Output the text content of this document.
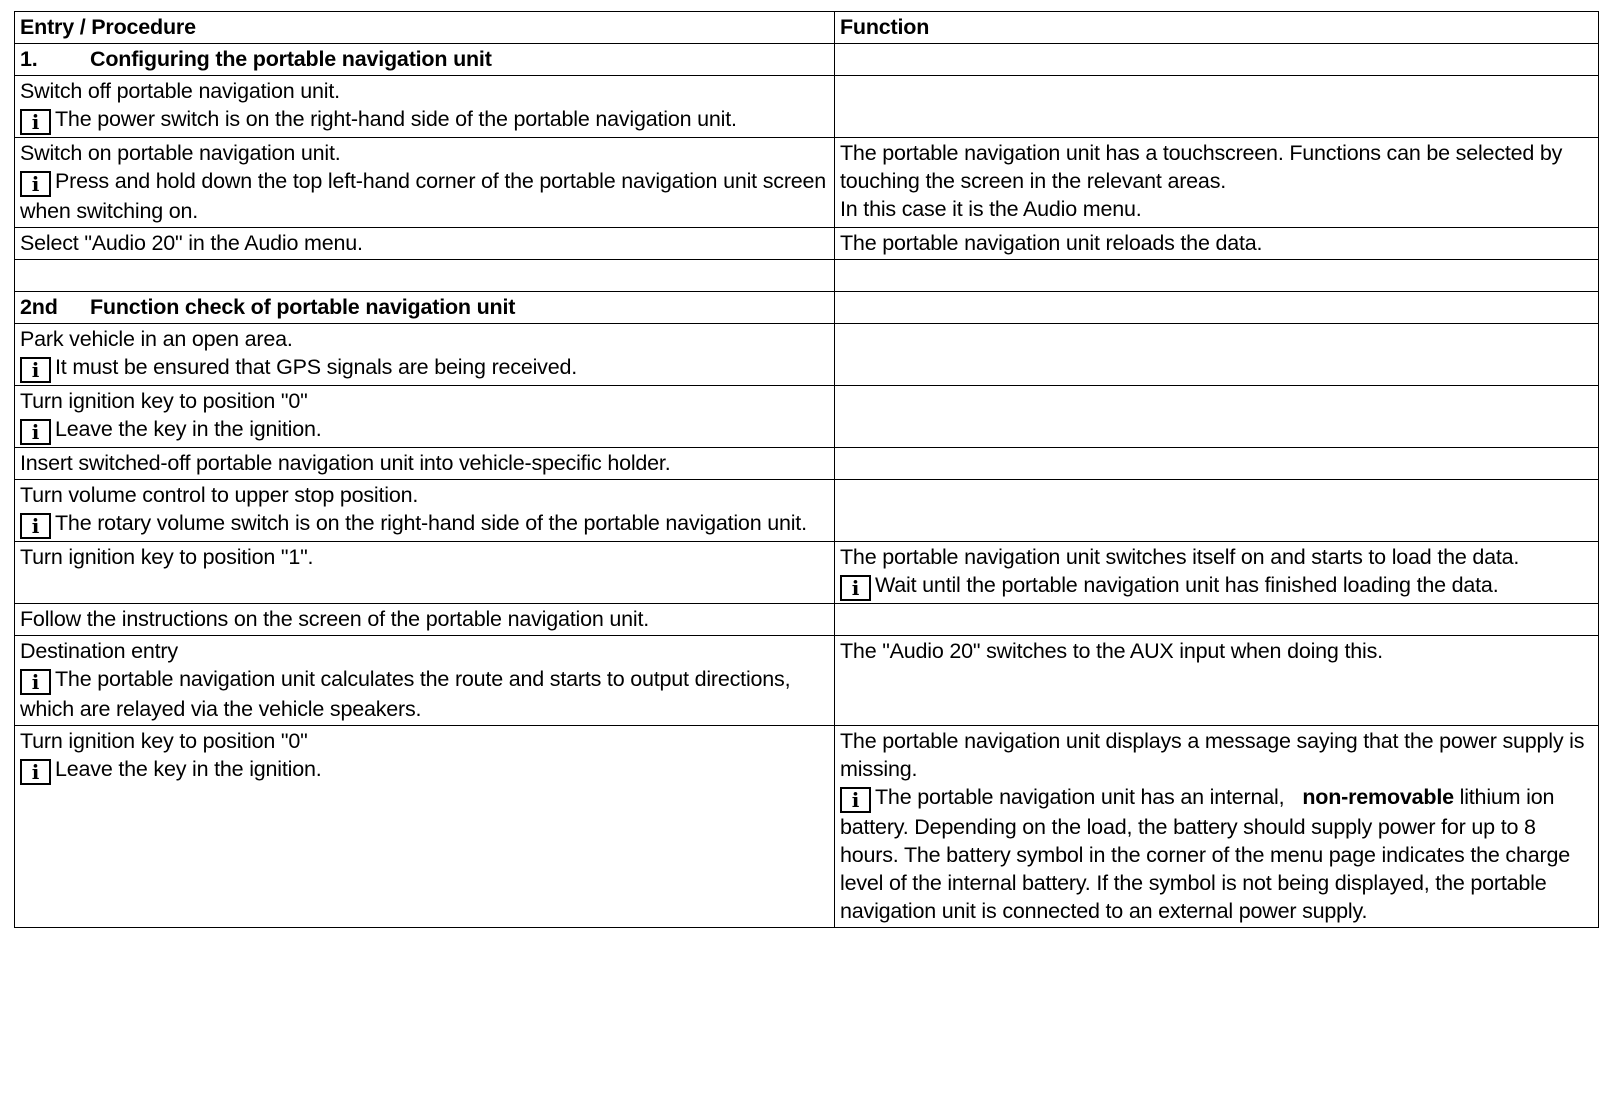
Entry / Procedure	Function
1. Configuring the portable navigation unit	

Switch off portable navigation unit.
i The power switch is on the right-hand side of the portable navigation unit.	

Switch on portable navigation unit.
i Press and hold down the top left-hand corner of the portable navigation unit screen when switching on.	The portable navigation unit has a touchscreen. Functions can be selected by touching the screen in the relevant areas.
In this case it is the Audio menu.

Select "Audio 20" in the Audio menu.	The portable navigation unit reloads the data.

2nd Function check of portable navigation unit	

Park vehicle in an open area.
i It must be ensured that GPS signals are being received.	

Turn ignition key to position "0"
i Leave the key in the ignition.	

Insert switched-off portable navigation unit into vehicle-specific holder.	

Turn volume control to upper stop position.
i The rotary volume switch is on the right-hand side of the portable navigation unit.	

Turn ignition key to position "1".	The portable navigation unit switches itself on and starts to load the data.
i Wait until the portable navigation unit has finished loading the data.

Follow the instructions on the screen of the portable navigation unit.	

Destination entry
i The portable navigation unit calculates the route and starts to output directions, which are relayed via the vehicle speakers.	The "Audio 20" switches to the AUX input when doing this.

Turn ignition key to position "0"
i Leave the key in the ignition.	The portable navigation unit displays a message saying that the power supply is missing.
i The portable navigation unit has an internal, non-removable lithium ion battery. Depending on the load, the battery should supply power for up to 8 hours. The battery symbol in the corner of the menu page indicates the charge level of the internal battery. If the symbol is not being displayed, the portable navigation unit is connected to an external power supply.
